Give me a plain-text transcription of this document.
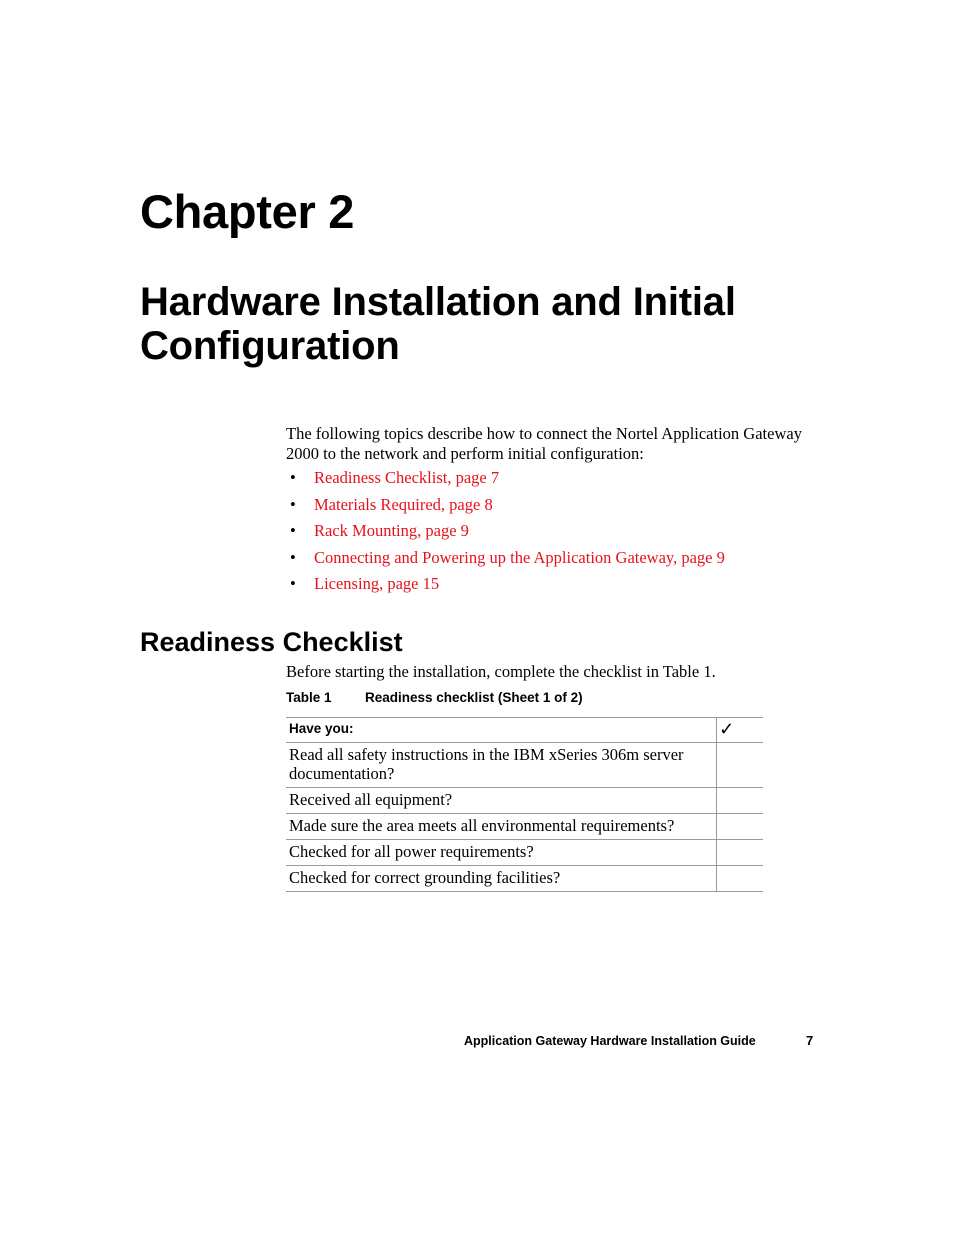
Chapter 2
Hardware Installation and Initial Configuration
The following topics describe how to connect the Nortel Application Gateway 2000 to the network and perform initial configuration:
• Readiness Checklist, page 7
• Materials Required, page 8
• Rack Mounting, page 9
• Connecting and Powering up the Application Gateway, page 9
• Licensing, page 15
Readiness Checklist
Before starting the installation, complete the checklist in Table 1.
Table 1 Readiness checklist (Sheet 1 of 2)
Have you:	✓
Read all safety instructions in the IBM xSeries 306m server documentation?	
Received all equipment?	
Made sure the area meets all environmental requirements?	
Checked for all power requirements?	
Checked for correct grounding facilities?	
Application Gateway Hardware Installation Guide	7
